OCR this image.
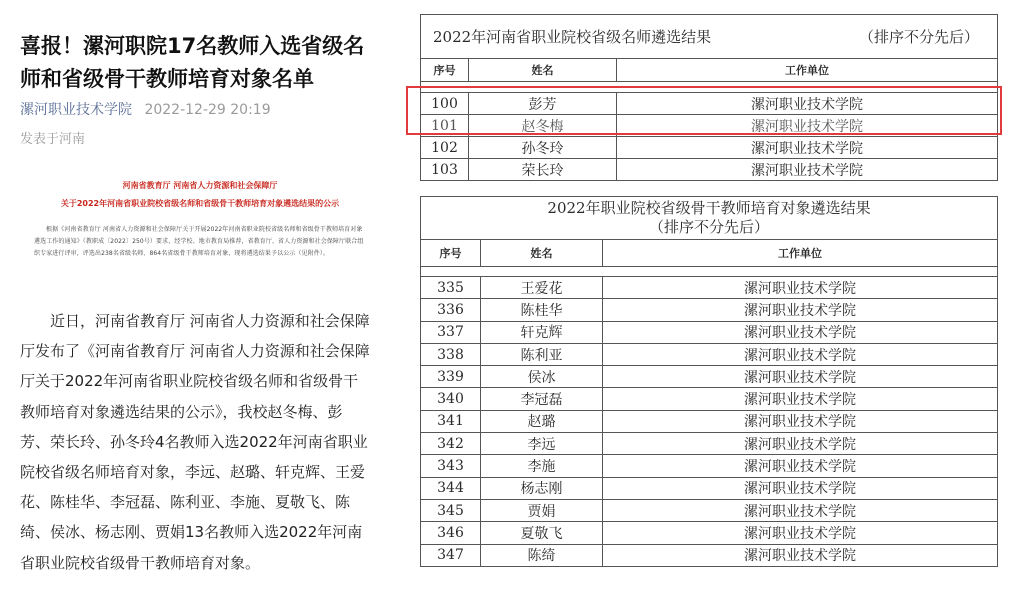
喜报！漯河职院17名教师入选省级名师和省级骨干教师培育对象名单
漯河职业技术学院 2022-12-29 20:19
发表于河南
河南省教育厅 河南省人力资源和社会保障厅
关于2022年河南省职业院校省级名师和省级骨干教师培育对象遴选结果的公示
根据《河南省教育厅 河南省人力资源和社会保障厅关于开展2022年河南省职业院校省级名师和省级骨干教师培育对象遴选工作的通知》（教职成〔2022〕250号）要求，经学校、地市教育局推荐，省教育厅、省人力资源和社会保障厅联合组织专家进行评审，评选出238名省级名师、864名省级骨干教师培育对象，现将遴选结果予以公示（见附件）。
近日，河南省教育厅 河南省人力资源和社会保障厅发布了《河南省教育厅 河南省人力资源和社会保障厅关于2022年河南省职业院校省级名师和省级骨干教师培育对象遴选结果的公示》，我校赵冬梅、彭芳、荣长玲、孙冬玲4名教师入选2022年河南省职业院校省级名师培育对象，李远、赵璐、轩克辉、王爱花、陈桂华、李冠磊、陈利亚、李施、夏敬飞、陈绮、侯冰、杨志刚、贾娟13名教师入选2022年河南省职业院校省级骨干教师培育对象。
2022年河南省职业院校省级名师遴选结果 （排序不分先后）		

序号	姓名	工作单位

100	彭芳	漯河职业技术学院
101	赵冬梅	漯河职业技术学院
102	孙冬玲	漯河职业技术学院
103	荣长玲	漯河职业技术学院
2022年职业院校省级骨干教师培育对象遴选结果
（排序不分先后）		

序号	姓名	工作单位

335	王爱花	漯河职业技术学院
336	陈桂华	漯河职业技术学院
337	轩克辉	漯河职业技术学院
338	陈利亚	漯河职业技术学院
339	侯冰	漯河职业技术学院
340	李冠磊	漯河职业技术学院
341	赵璐	漯河职业技术学院
342	李远	漯河职业技术学院
343	李施	漯河职业技术学院
344	杨志刚	漯河职业技术学院
345	贾娟	漯河职业技术学院
346	夏敬飞	漯河职业技术学院
347	陈绮	漯河职业技术学院
